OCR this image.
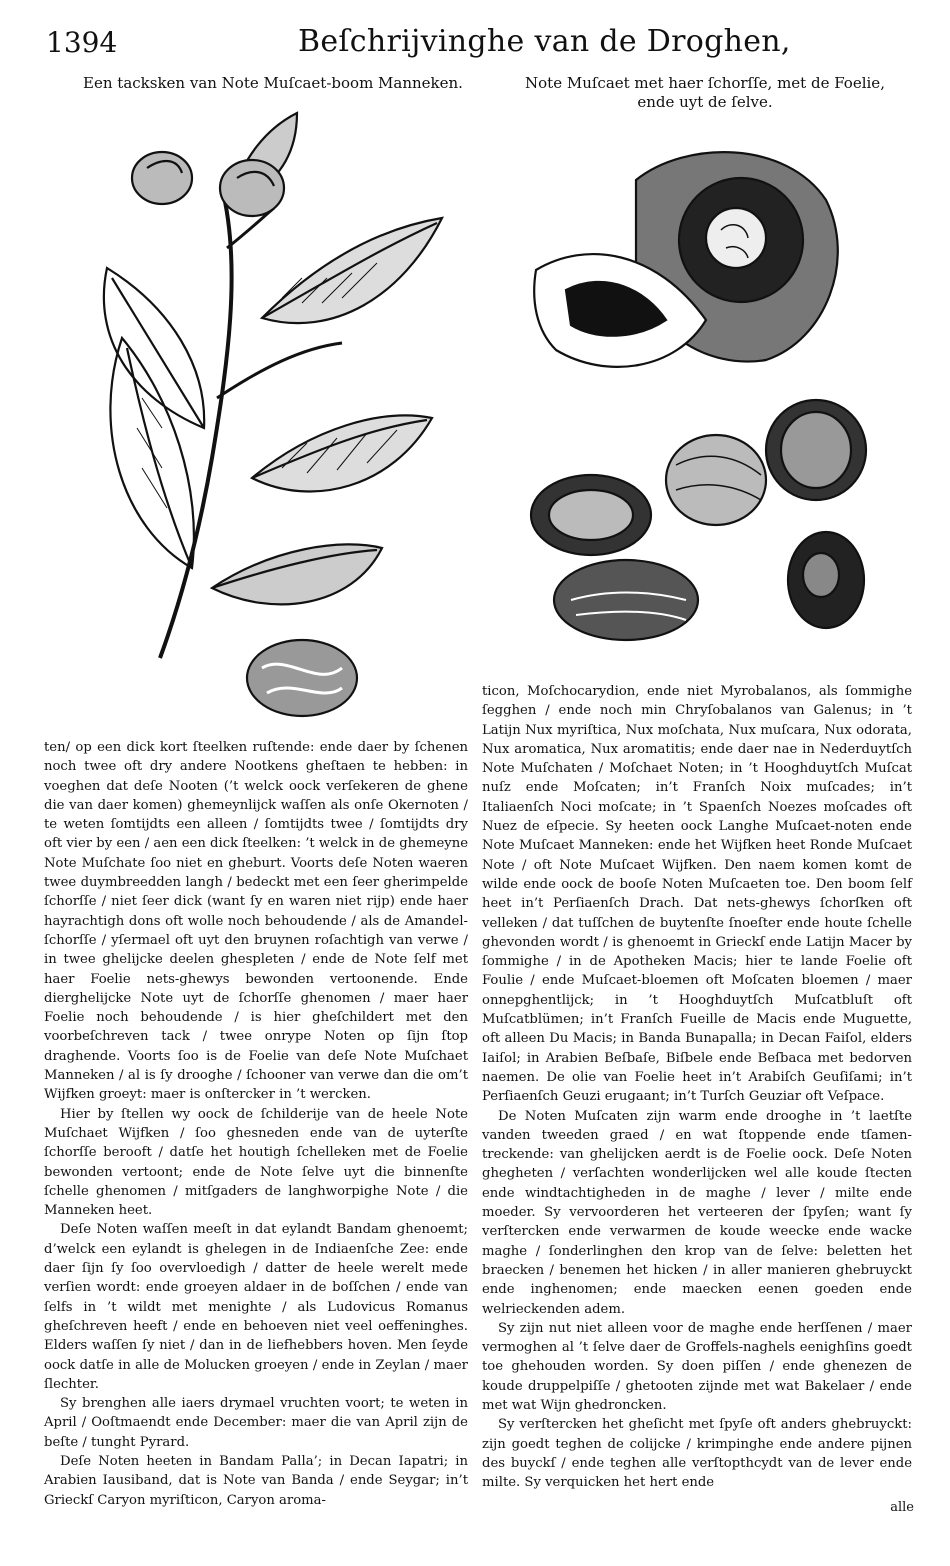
1394	Beſchrijvinghe van de Droghen,
Een tacksken van Note Muſcaet-boom Manneken.	Note Muſcaet met haer ſchorſſe, met de Foelie,
ende uyt de ſelve.

ten/ op een dick kort ſteelken ruſtende: ende daer by ſchenen noch twee oft dry andere Nootkens gheſtaen te hebben: in voeghen dat deſe Nooten (’t welck oock verſekeren de ghene die van daer komen) ghemeynlijck waſſen als onſe Okernoten / te weten ſomtijdts een alleen / ſomtijdts twee / ſomtijdts dry oft vier by een / aen een dick ſteelken: ’t welck in de ghemeyne Note Muſchate ſoo niet en gheburt. Voorts deſe Noten waeren twee duymbreedden langh / bedeckt met een ſeer gherimpelde ſchorſſe / niet ſeer dick (want ſy en waren niet rijp) ende haer hayrachtigh dons oft wolle noch behoudende / als de Amandel-ſchorſſe / yſermael oft uyt den bruynen roſachtigh van verwe / in twee ghelijcke deelen ghespleten / ende de Note ſelf met haer Foelie nets-ghewys bewonden vertoonende. Ende dierghelijcke Note uyt de ſchorſſe ghenomen / maer haer Foelie noch behoudende / is hier gheſchildert met den voorbeſchreven tack / twee onrype Noten op ſijn ſtop draghende. Voorts ſoo is de Foelie van deſe Note Muſchaet Manneken / al is ſy drooghe / ſchooner van verwe dan die om’t Wijfken groeyt: maer is onſtercker in ’t wercken.

Hier by ſtellen wy oock de ſchilderije van de heele Note Muſchaet Wijfken / ſoo ghesneden ende van de uyterſte ſchorſſe berooft / datſe het houtigh ſchelleken met de Foelie bewonden vertoont; ende de Note ſelve uyt die binnenſte ſchelle ghenomen / mitſgaders de langhworpighe Note / die Manneken heet.

Deſe Noten waſſen meeſt in dat eylandt Bandam ghenoemt; d’welck een eylandt is ghelegen in de Indiaenſche Zee: ende daer ſijn ſy ſoo overvloedigh / datter de heele werelt mede verſien wordt: ende groeyen aldaer in de boſſchen / ende van ſelfs in ’t wildt met menighte / als Ludovicus Romanus gheſchreven heeft / ende en behoeven niet veel oeffeninghes. Elders waſſen ſy niet / dan in de liefhebbers hoven. Men ſeyde oock datſe in alle de Molucken groeyen / ende in Zeylan / maer ſlechter.

Sy brenghen alle iaers drymael vruchten voort; te weten in April / Ooſtmaendt ende December: maer die van April zijn de beſte / tunght Pyrard.

Deſe Noten heeten in Bandam Palla’; in Decan Iapatri; in Arabien Iausiband, dat is Note van Banda / ende Seygar; in’t Grieckſ Caryon myriſticon, Caryon aroma-

ticon, Moſchocarydion, ende niet Myrobalanos, als ſommighe ſegghen / ende noch min Chryſobalanos van Galenus; in ’t Latijn Nux myriſtica, Nux moſchata, Nux muſcara, Nux odorata, Nux aromatica, Nux aromatitis; ende daer nae in Nederduytſch Note Muſchaten / Moſchaet Noten; in ’t Hooghduytſch Muſcat nuſz ende Moſcaten; in’t Franſch Noix muſcades; in’t Italiaenſch Noci moſcate; in ’t Spaenſch Noezes moſcades oft Nuez de eſpecie. Sy heeten oock Langhe Muſcaet-noten ende Note Muſcaet Manneken: ende het Wijfken heet Ronde Muſcaet Note / oft Note Muſcaet Wijfken. Den naem komen komt de wilde ende oock de booſe Noten Muſcaeten toe. Den boom ſelf heet in’t Perſiaenſch Drach. Dat nets-ghewys ſchorſken oft velleken / dat tuſſchen de buytenſte ſnoeſter ende houte ſchelle ghevonden wordt / is ghenoemt in Grieckſ ende Latijn Macer by ſommighe / in de Apotheken Macis; hier te lande Foelie oft Foulie / ende Muſcaet-bloemen oft Moſcaten bloemen / maer onnepghentlijck; in ’t Hooghduytſch Muſcatbluſt oft Muſcatblümen; in’t Franſch Fueille de Macis ende Muguette, oft alleen Du Macis; in Banda Bunapalla; in Decan Faiſol, elders Iaiſol; in Arabien Beſbaſe, Biſbele ende Beſbaca met bedorven naemen. De olie van Foelie heet in’t Arabiſch Geuſiſami; in’t Perſiaenſch Geuzi erugaant; in’t Turſch Geuziar oft Veſpace.

De Noten Muſcaten zijn warm ende drooghe in ’t laetſte vanden tweeden graed / en wat ſtoppende ende tſamen-treckende: van ghelijcken aerdt is de Foelie oock. Deſe Noten ghegheten / verſachten wonderlijcken wel alle koude ſtecten ende windtachtigheden in de maghe / lever / milte ende moeder. Sy vervoorderen het verteeren der ſpyſen; want ſy verſtercken ende verwarmen de koude weecke ende wacke maghe / ſonderlinghen den krop van de ſelve: beletten het braecken / benemen het hicken / in aller manieren ghebruyckt ende inghenomen; ende maecken eenen goeden ende welrieckenden adem.

Sy zijn nut niet alleen voor de maghe ende herſſenen / maer vermoghen al ’t ſelve daer de Groffels-naghels eenighſins goedt toe ghehouden worden. Sy doen piſſen / ende ghenezen de koude druppelpiſſe / ghetooten zijnde met wat Bakelaer / ende met wat Wijn ghedroncken.

Sy verſtercken het gheſicht met ſpyſe oft anders ghebruyckt: zijn goedt teghen de colijcke / krimpinghe ende andere pijnen des buyckſ / ende teghen alle verſtopthcydt van de lever ende milte. Sy verquicken het hert ende

alle
